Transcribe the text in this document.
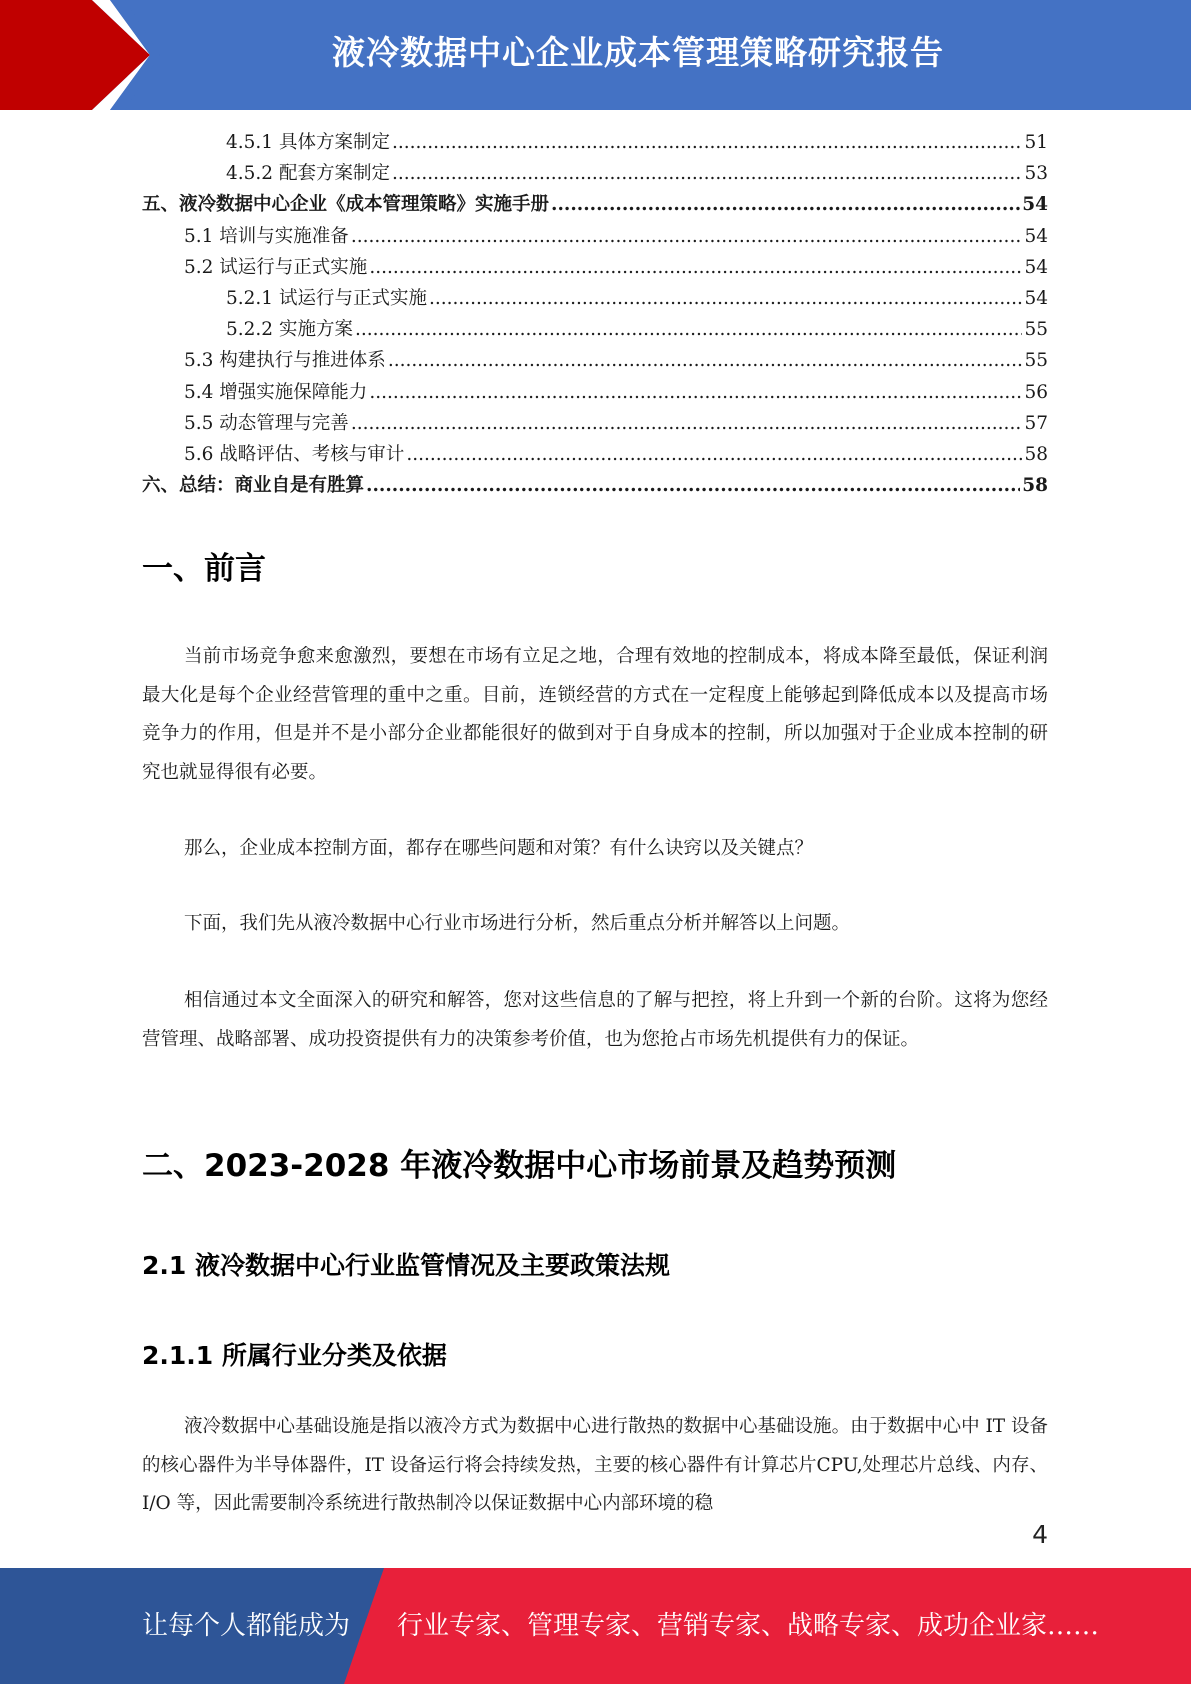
液冷数据中心企业成本管理策略研究报告
4.5.1 具体方案制定 .....	51
4.5.2 配套方案制定 .....	53
五、液冷数据中心企业《成本管理策略》实施手册 .....	54
5.1 培训与实施准备 .....	54
5.2 试运行与正式实施 .....	54
5.2.1 试运行与正式实施 .....	54
5.2.2 实施方案 .....	55
5.3 构建执行与推进体系 .....	55
5.4 增强实施保障能力 .....	56
5.5 动态管理与完善 .....	57
5.6 战略评估、考核与审计 .....	58
六、总结：商业自是有胜算 .....	58
一、前言
当前市场竞争愈来愈激烈，要想在市场有立足之地，合理有效地的控制成本，将成本降至最低，保证利润最大化是每个企业经营管理的重中之重。目前，连锁经营的方式在一定程度上能够起到降低成本以及提高市场竞争力的作用，但是并不是小部分企业都能很好的做到对于自身成本的控制，所以加强对于企业成本控制的研究也就显得很有必要。
那么，企业成本控制方面，都存在哪些问题和对策？有什么诀窍以及关键点？
下面，我们先从液冷数据中心行业市场进行分析，然后重点分析并解答以上问题。
相信通过本文全面深入的研究和解答，您对这些信息的了解与把控，将上升到一个新的台阶。这将为您经营管理、战略部署、成功投资提供有力的决策参考价值，也为您抢占市场先机提供有力的保证。
二、2023-2028 年液冷数据中心市场前景及趋势预测
2.1 液冷数据中心行业监管情况及主要政策法规
2.1.1 所属行业分类及依据
液冷数据中心基础设施是指以液冷方式为数据中心进行散热的数据中心基础设施。由于数据中心中 IT 设备的核心器件为半导体器件，IT 设备运行将会持续发热，主要的核心器件有计算芯片CPU,处理芯片总线、内存、I/O 等，因此需要制冷系统进行散热制冷以保证数据中心内部环境的稳
4
让每个人都能成为 行业专家、管理专家、营销专家、战略专家、成功企业家……
